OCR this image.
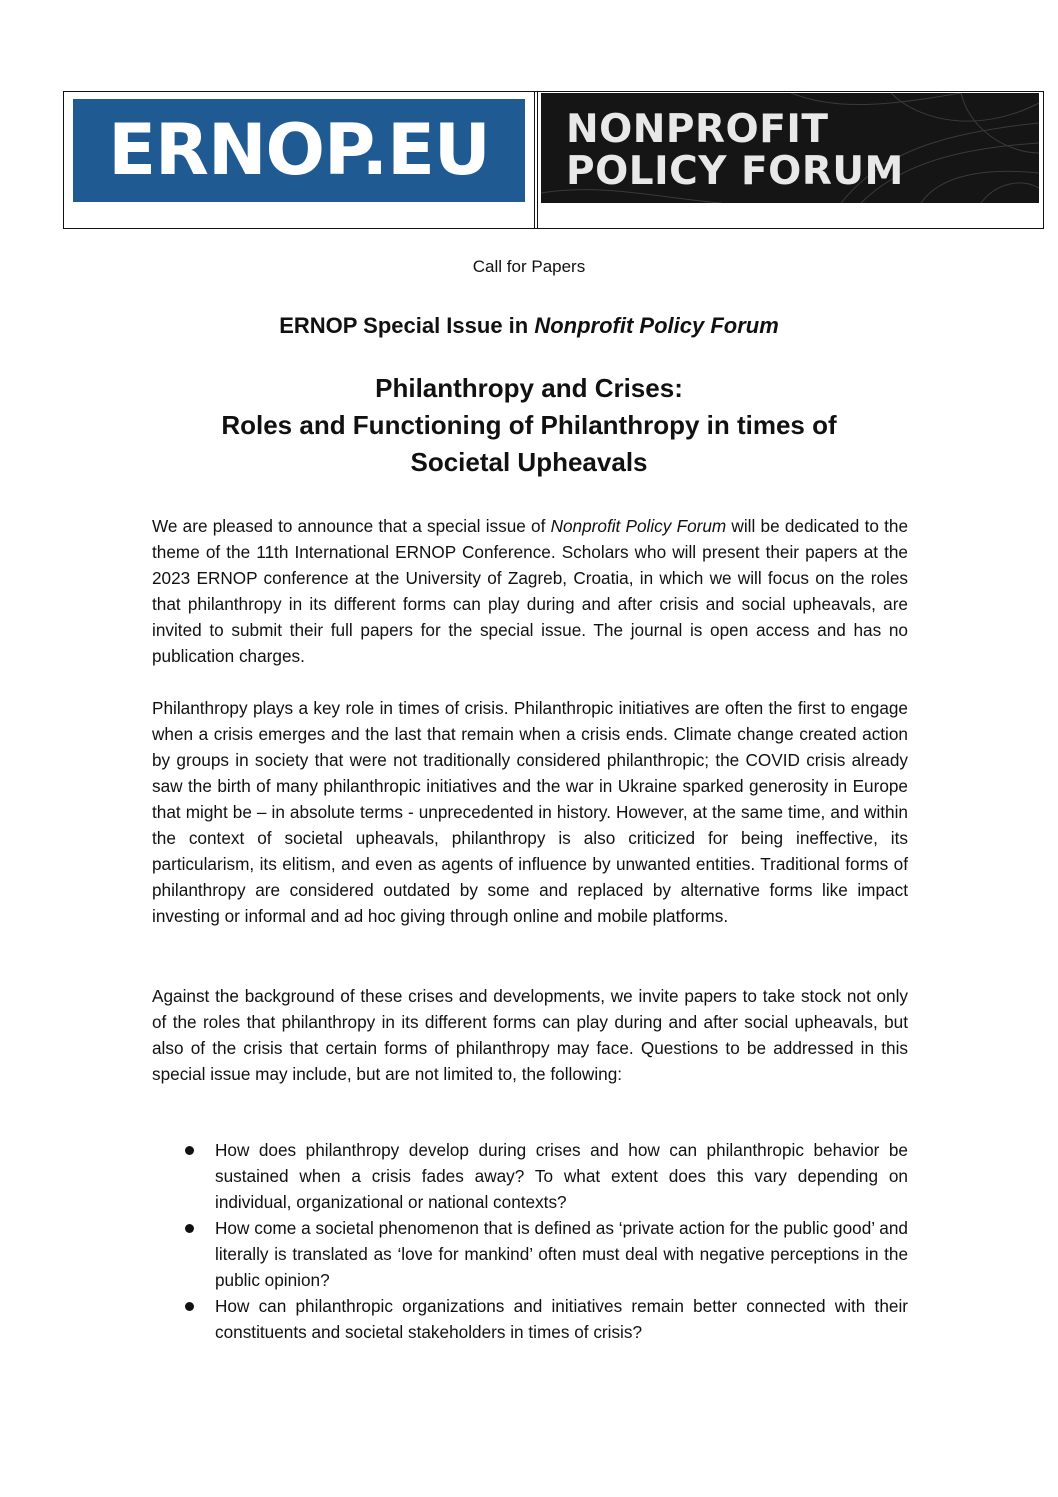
ERNOP.EU	NONPROFIT
POLICY FORUM
Call for Papers
ERNOP Special Issue in Nonprofit Policy Forum
Philanthropy and Crises:
Roles and Functioning of Philanthropy in times of
Societal Upheavals
We are pleased to announce that a special issue of Nonprofit Policy Forum will be dedicated to the theme of the 11th International ERNOP Conference. Scholars who will present their papers at the 2023 ERNOP conference at the University of Zagreb, Croatia, in which we will focus on the roles that philanthropy in its different forms can play during and after crisis and social upheavals, are invited to submit their full papers for the special issue. The journal is open access and has no publication charges.
Philanthropy plays a key role in times of crisis. Philanthropic initiatives are often the first to engage when a crisis emerges and the last that remain when a crisis ends. Climate change created action by groups in society that were not traditionally considered philanthropic; the COVID crisis already saw the birth of many philanthropic initiatives and the war in Ukraine sparked generosity in Europe that might be – in absolute terms - unprecedented in history. However, at the same time, and within the context of societal upheavals, philanthropy is also criticized for being ineffective, its particularism, its elitism, and even as agents of influence by unwanted entities. Traditional forms of philanthropy are considered outdated by some and replaced by alternative forms like impact investing or informal and ad hoc giving through online and mobile platforms.
Against the background of these crises and developments, we invite papers to take stock not only of the roles that philanthropy in its different forms can play during and after social upheavals, but also of the crisis that certain forms of philanthropy may face. Questions to be addressed in this special issue may include, but are not limited to, the following:
How does philanthropy develop during crises and how can philanthropic behavior be sustained when a crisis fades away? To what extent does this vary depending on individual, organizational or national contexts?
How come a societal phenomenon that is defined as ‘private action for the public good’ and literally is translated as ‘love for mankind’ often must deal with negative perceptions in the public opinion?
How can philanthropic organizations and initiatives remain better connected with their constituents and societal stakeholders in times of crisis?
